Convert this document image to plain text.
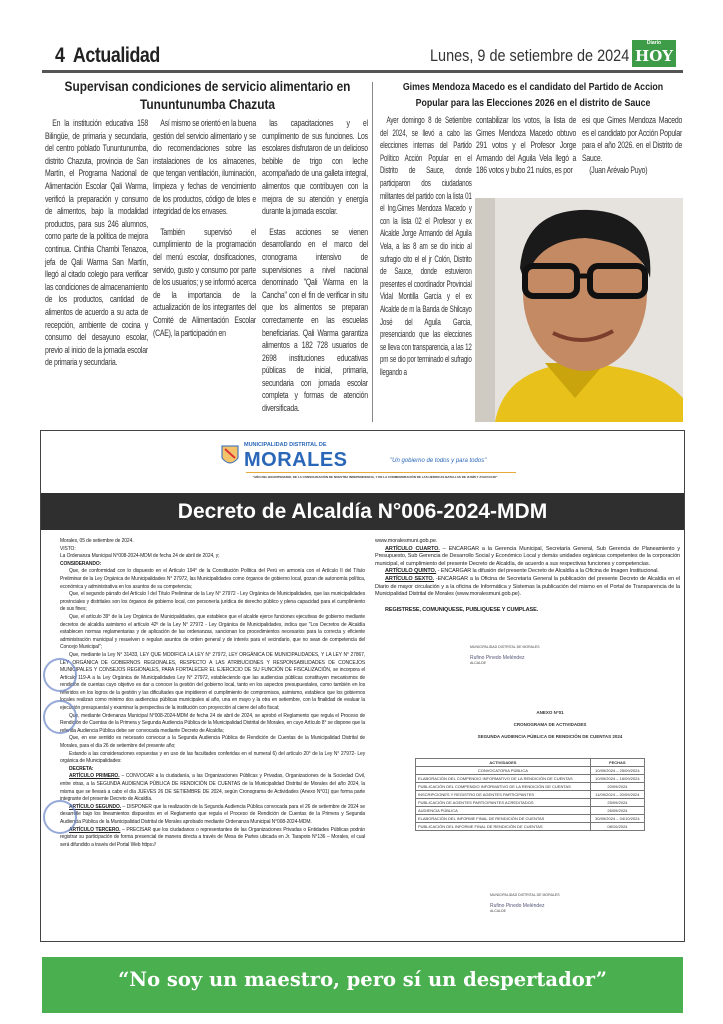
4 Actualidad	Lunes, 9 de setiembre de 2024
Diario
HOY
Supervisan condiciones de servicio alimentario en Tununtunumba Chazuta

En la institución educativa 158 Bilingüe, de primaria y secundaria, del centro poblado Tununtunumba, distrito Chazuta, provincia de San Martín, el Programa Nacional de Alimentación Escolar Qali Warma, verificó la preparación y consumo de alimentos, bajo la modalidad productos, para sus 246 alumnos, como parte de la política de mejora continua. Cinthia Chambi Tenazoa, jefa de Qali Warma San Martín, llegó al citado colegio para verificar las condiciones de almacenamiento de los productos, cantidad de alimentos de acuerdo a su acta de recepción, ambiente de cocina y consumo del desayuno escolar, previo al inicio de la jornada escolar de primaria y secundaria.

Así mismo se orientó en la buena gestión del servicio alimentario y se dio recomendaciones sobre las instalaciones de los almacenes, que tengan ventilación, iluminación, limpieza y fechas de vencimiento de los productos, código de lotes e integridad de los envases.

También supervisó el cumplimiento de la programación del menú escolar, dosificaciones, servido, gusto y consumo por parte de los usuarios; y se informó acerca de la importancia de la actualización de los integrantes del Comité de Alimentación Escolar (CAE), la participación en

las capacitaciones y el cumplimento de sus funciones. Los escolares disfrutaron de un delicioso bebible de trigo con leche acompañado de una galleta integral, alimentos que contribuyen con la mejora de su atención y energía durante la jornada escolar.

Estas acciones se vienen desarrollando en el marco del cronograma intensivo de supervisiones a nivel nacional denominado "Qali Warma en la Cancha" con el fin de verificar in situ que los alimentos se preparan correctamente en las escuelas beneficiarias. Qali Warma garantiza alimentos a 182 728 usuarios de 2698 instituciones educativas públicas de inicial, primaria, secundaria con jornada escolar completa y formas de atención diversificada.

Gimes Mendoza Macedo es el candidato del Partido de Accion Popular para las Elecciones 2026 en el distrito de Sauce

Ayer domingo 8 de Setiembre del 2024, se llevó a cabo las elecciones internas del Partido Político Acción Popular en el Distrito de Sauce, donde participaron dos ciudadanos militantes del partido con la lista 01 el Ing.Gimes Mendoza Macedo y con la lista 02 el Profesor y ex Alcalde Jorge Armando del Aguila Vela, a las 8 am se dio inicio al sufragio cito el el jr Colón, Distrito de Sauce, donde estuvieron presentes el coordinador Provincial Vidal Montilla García y el ex Alcalde de m la Banda de Shilcayo José del Aguila Garcia, presenciando que las elecciones se lleva con transparencia, a las 12 pm se dio por terminado el sufragio llegando a

contabilizar los votos, la lista de Gimes Mendoza Macedo obtuvo 291 votos y el Profesor Jorge Armando del Aguila Vela llegó a 186 votos y bubo 21 nulos, es por

esi que Gimes Mendoza Macedo es el candidato por Acción Popular para el año 2026. en el Distrito de Sauce.

(Juan Arévalo Puyo)

MUNICIPALIDAD DISTRITAL DE
MORALES	"Un gobierno de todos y para todos"
"AÑO DEL BICENTENARIO, DE LA CONSOLIDACIÓN DE NUESTRA INDEPENDENCIA, Y DE LA CONMEMORACIÓN DE LAS HEROICAS BATALLAS DE JUNÍN Y AYACUCHO"
Decreto de Alcaldía N°006-2024-MDM
Morales, 05 de setiembre de 2024.
VISTO:
La Ordenanza Municipal N°008-2024-MDM de fecha 24 de abril de 2024, y;
CONSIDERANDO:

Que, de conformidad con lo dispuesto en el Artículo 194° de la Constitución Política del Perú en armonía con el Artículo II del Título Preliminar de la Ley Orgánica de Municipalidades N° 27972, las Municipalidades como órganos de gobierno local, gozan de autonomía política, económica y administrativa en los asuntos de su competencia;

Que, el segundo párrafo del Artículo I del Título Preliminar de la Ley N° 27972 - Ley Orgánica de Municipalidades, que las municipalidades provinciales y distritales son los órganos de gobierno local, con personería jurídica de derecho público y plena capacidad para el cumplimiento de sus fines;

Que, el artículo 39° de la Ley Orgánica de Municipalidades, que establece que el alcalde ejerce funciones ejecutivas de gobierno mediante decretos de alcaldía asimismo el artículo 42º de la Ley N° 27972 - Ley Orgánica de Municipalidades, indica que "Los Decretos de Alcaldía establecen normas reglamentarias y de aplicación de las ordenanzas, sancionan los procedimientos necesarios para la correcta y eficiente administración municipal y resuelven o regulan asuntos de orden general y de interés para el vecindario, que no sean de competencia del Concejo Municipal";

Que, mediante la Ley N° 31433, LEY QUE MODIFICA LA LEY N° 27972, LEY ORGÁNICA DE MUNICIPALIDADES, Y LA LEY N° 27867, LEY ORGÁNICA DE GOBIERNOS REGIONALES, RESPECTO A LAS ATRIBUCIONES Y RESPONSABILIDADES DE CONCEJOS MUNICIPALES Y CONSEJOS REGIONALES, PARA FORTALECER EL EJERCICIO DE SU FUNCIÓN DE FISCALIZACIÓN, se incorpora el Artículo 119-A a la Ley Orgánica de Municipalidades Ley N° 27972, estableciendo que las audiencias públicas constituyen mecanismos de rendición de cuentas cuyo objetivo es dar a conocer la gestión del gobierno local, tanto en los aspectos presupuestales, como también en los referidos en los logros de la gestión y las dificultades que impidieron el cumplimiento de compromisos, asimismo, establece que los gobiernos locales realizan como mínimo dos audiencias públicas municipales al año, una en mayo y la otra en setiembre, con la finalidad de evaluar la ejecución presupuestal y examinar la perspectiva de la institución con proyección al cierre del año fiscal;

Que, mediante Ordenanza Municipal N°008-2024-MDM de fecha 24 de abril de 2024, se aprobó el Reglamento que regula el Proceso de Rendición de Cuentas de la Primera y Segunda Audiencia Pública de la Municipalidad Distrital de Morales, en cuyo Artículo 8° se dispone que la referida Audiencia Pública debe ser convocada mediante Decreto de Alcaldía;

Que, en ese sentido es necesario convocar a la Segunda Audiencia Pública de Rendición de Cuentas de la Municipalidad Distrital de Morales, para el día 26 de setiembre del presente año;

Estando a las consideraciones expuestas y en uso de las facultades conferidas en el numeral 6) del artículo 20° de la Ley N° 27972- Ley orgánica de Municipalidades:

DECRETA:

ARTÍCULO PRIMERO. – CONVOCAR a la ciudadanía, a las Organizaciones Públicas y Privadas, Organizaciones de la Sociedad Civil, entre otras, a la SEGUNDA AUDIENCIA PÚBLICA DE RENDICIÓN DE CUENTAS de la Municipalidad Distrital de Morales del año 2024, la misma que se llevará a cabo el día JUEVES 26 DE SETIEMBRE DE 2024, según Cronograma de Actividades (Anexo N°01) que forma parte integrante del presente Decreto de Alcaldía.

ARTÍCULO SEGUNDO. – DISPONER que la realización de la Segunda Audiencia Pública convocada para el 26 de setiembre de 2024 se desarrolle bajo los lineamientos dispuestos en el Reglamento que regula el Proceso de Rendición de Cuentas de la Primera y Segunda Audiencia Pública de la Municipalidad Distrital de Morales aprobado mediante Ordenanza Municipal N°008-2024-MDM.

ARTÍCULO TERCERO. – PRECISAR que los ciudadanos o representantes de las Organizaciones Privadas o Entidades Públicas podrán registrar su participación de forma presencial de manera directa a través de Mesa de Partes ubicada en Jr. Tarapoto N°136 – Morales, el cual será difundido a través del Portal Web https://

www.moralesmuni.gob.pe.

ARTÍCULO CUARTO. – ENCARGAR a la Gerencia Municipal, Secretaría General, Sub Gerencia de Planeamiento y Presupuesto, Sub Gerencia de Desarrollo Social y Económico Local y demás unidades orgánicas competentes de la corporación municipal, el cumplimiento del presente Decreto de Alcaldía, de acuerdo a sus respectivas funciones y competencias.

ARTÍCULO QUINTO. - ENCARGAR la difusión del presente Decreto de Alcaldía a la Oficina de Imagen Institucional.

ARTÍCULO SEXTO. -ENCARGAR a la Oficina de Secretaría General la publicación del presente Decreto de Alcaldía en el Diario de mayor circulación y a la oficina de Informática y Sistemas la publicación del mismo en el Portal de Transparencia de la Municipalidad Distrital de Morales (www.moralesmuni.gob.pe).

REGISTRESE, COMUNIQUESE, PUBLIQUESE Y CUMPLASE.

MUNICIPALIDAD DISTRITAL DE MORALES
Rufino Pinedo Meléndez
ALCALDE
ANEXO N°01
CRONOGRAMA DE ACTIVIDADES
SEGUNDA AUDIENCIA PÚBLICA DE RENDICIÓN DE CUENTAS 2024
ACTIVIDADES	FECHAS
CONVOCATORIA PÚBLICA	10/09/2024 – 25/09/2024
ELABORACIÓN DEL COMPENDIO INFORMATIVO DE LA RENDICIÓN DE CUENTAS	10/09/2024 – 16/09/2024
PUBLICACIÓN DEL COMPENDIO INFORMATIVO DE LA RENDICIÓN DE CUENTAS	20/09/2024
INSCRIPCIONES Y REGISTRO DE AGENTES PARTICIPANTES	11/09/2024 – 20/09/2024
PUBLICACIÓN DE AGENTES PARTICIPANTES ACREDITADOS	25/09/2024
AUDIENCIA PÚBLICA	26/09/2024
ELABORACIÓN DEL INFORME FINAL DE RENDICIÓN DE CUENTAS	30/09/2024 – 04/10/2024
PUBLICACIÓN DEL INFORME FINAL DE RENDICIÓN DE CUENTAS	08/10/2024
MUNICIPALIDAD DISTRITAL DE MORALES
Rufino Pinedo Meléndez
ALCALDE
“No soy un maestro, pero sí un despertador”
